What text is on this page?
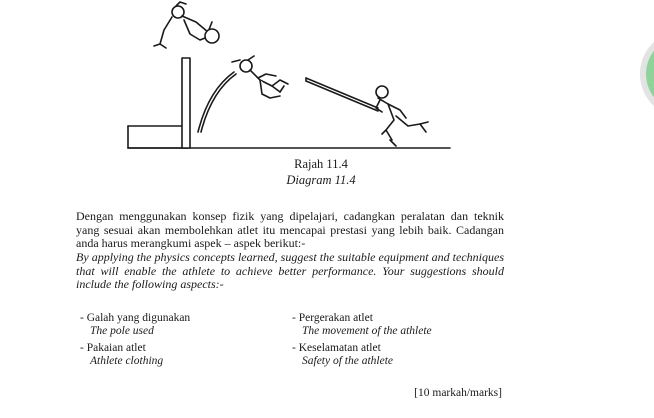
Rajah 11.4
Diagram 11.4
Dengan menggunakan konsep fizik yang dipelajari, cadangkan peralatan dan teknik yang sesuai akan membolehkan atlet itu mencapai prestasi yang lebih baik. Cadangan anda harus merangkumi aspek – aspek berikut:-
By applying the physics concepts learned, suggest the suitable equipment and techniques that will enable the athlete to achieve better performance. Your suggestions should include the following aspects:-
- Galah yang digunakan
The pole used
- Pergerakan atlet
The movement of the athlete
- Pakaian atlet
Athlete clothing
- Keselamatan atlet
Safety of the athlete
[10 markah/marks]
